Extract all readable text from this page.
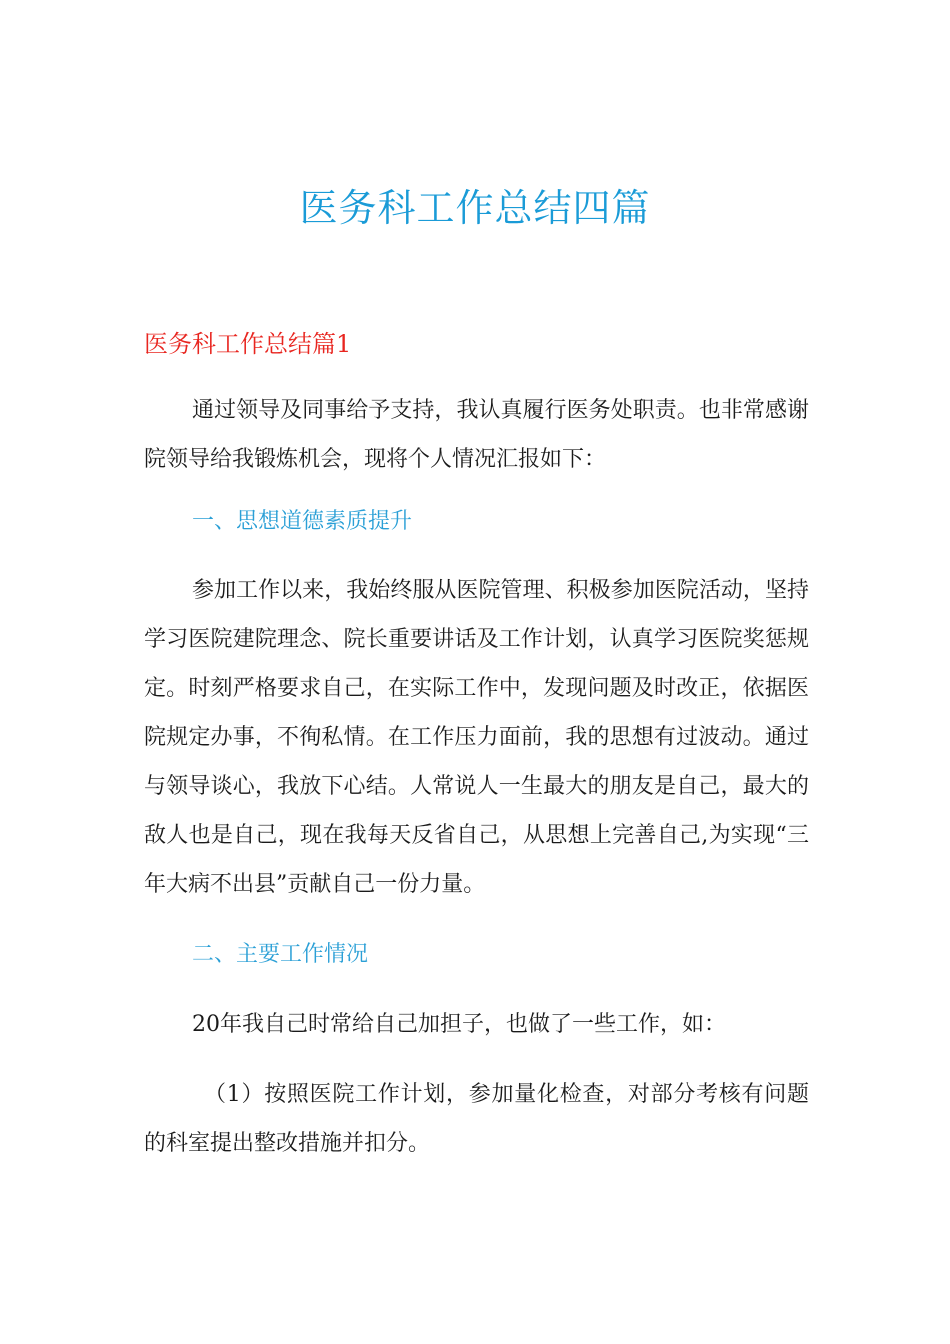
医务科工作总结四篇
医务科工作总结篇1

通过领导及同事给予支持，我认真履行医务处职责。也非常感谢院领导给我锻炼机会，现将个人情况汇报如下：

一、思想道德素质提升

参加工作以来，我始终服从医院管理、积极参加医院活动，坚持学习医院建院理念、院长重要讲话及工作计划，认真学习医院奖惩规定。时刻严格要求自己，在实际工作中，发现问题及时改正，依据医院规定办事，不徇私情。在工作压力面前，我的思想有过波动。通过与领导谈心，我放下心结。人常说人一生最大的朋友是自己，最大的敌人也是自己，现在我每天反省自己，从思想上完善自己,为实现“三年大病不出县”贡献自己一份力量。

二、主要工作情况

20年我自己时常给自己加担子，也做了一些工作，如：

（1）按照医院工作计划，参加量化检查，对部分考核有问题的科室提出整改措施并扣分。
